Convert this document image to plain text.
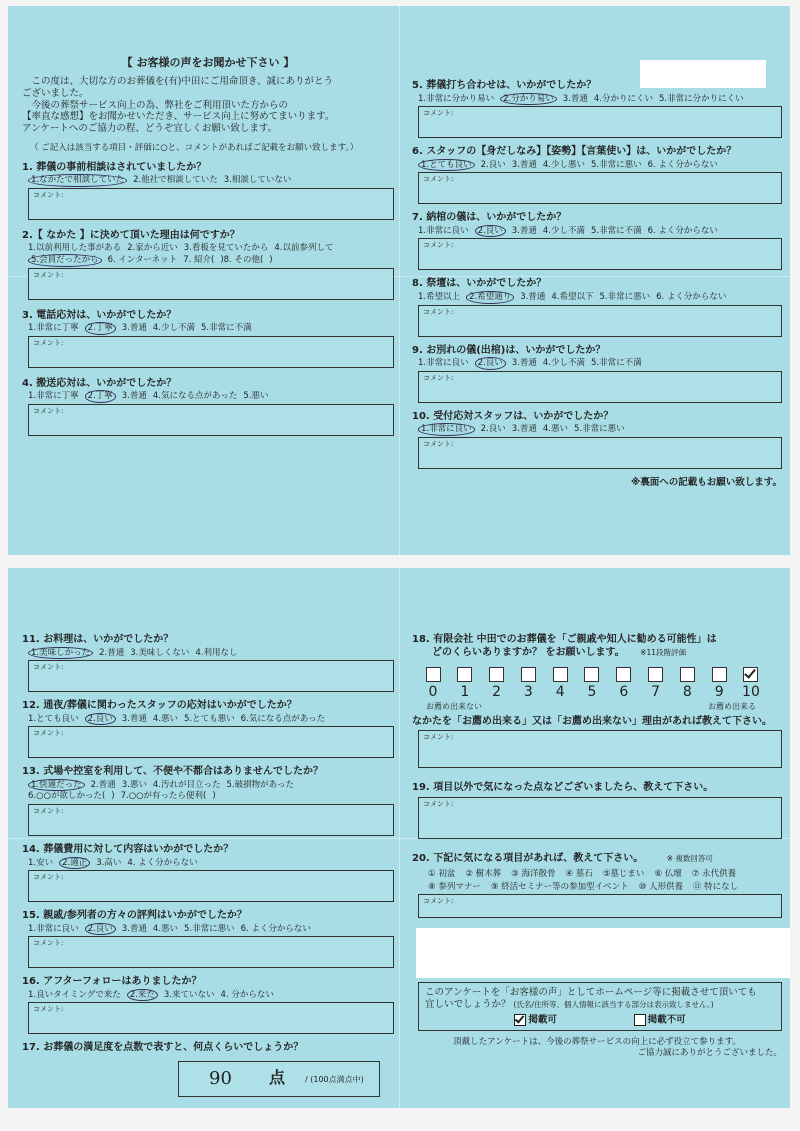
【 お客様の声をお聞かせ下さい 】

この度は、大切な方のお葬儀を(有)中田にご用命頂き、誠にありがとう

ございました。

今後の葬祭サービス向上の為、弊社をご利用頂いた方からの

【率直な感想】をお聞かせいただき、サービス向上に努めてまいります。

アンケートへのご協力の程、どうぞ宜しくお願い致します。

（ ご記入は該当する項目・評価に○と、コメントがあればご記載をお願い致します。）
1. 葬儀の事前相談はされていましたか？
1.なかたで相談していた 2.他社で相談していた 3.相談していない
コメント:
2.【 なかた 】に決めて頂いた理由は何ですか？
1.以前利用した事がある 2.家から近い 3.看板を見ていたから 4.以前参列して
5.会員だったから 6. インターネット 7. 紹介( )8. その他( )
コメント:
3. 電話応対は、いかがでしたか？
1.非常に丁寧 2.丁寧 3.普通 4.少し不満 5.非常に不満
コメント:
4. 搬送応対は、いかがでしたか？
1.非常に丁寧 2.丁寧 3.普通 4.気になる点があった 5.悪い
コメント:
5. 葬儀打ち合わせは、いかがでしたか？
1.非常に分かり易い 2.分かり易い 3.普通 4.分かりにくい 5.非常に分かりにくい
コメント:
6. スタッフの【身だしなみ】【姿勢】【言葉使い】は、いかがでしたか？
1.とても良い 2.良い 3.普通 4.少し悪い 5.非常に悪い 6. よく分からない
コメント:
7. 納棺の儀は、いかがでしたか？
1.非常に良い 2.良い 3.普通 4.少し不満 5.非常に不満 6. よく分からない
コメント:
8. 祭壇は、いかがでしたか？
1.希望以上 2.希望通り 3.普通 4.希望以下 5.非常に悪い 6. よく分からない
コメント:
9. お別れの儀(出棺)は、いかがでしたか？
1.非常に良い 2.良い 3.普通 4.少し不満 5.非常に不満
コメント:
10. 受付応対スタッフは、いかがでしたか？
1.非常に良い 2.良い 3.普通 4.悪い 5.非常に悪い
コメント:
※裏面への記載もお願い致します。
11. お料理は、いかがでしたか？
1.美味しかった 2.普通 3.美味しくない 4.利用なし
コメント:
12. 通夜/葬儀に関わったスタッフの応対はいかがでしたか？
1.とても良い 2.良い 3.普通 4.悪い 5.とても悪い 6.気になる点があった
コメント:
13. 式場や控室を利用して、不便や不都合はありませんでしたか？
1.快適だった 2.普通 3.悪い 4.汚れが目立った 5.破損物があった
6.○○が欲しかった( ) 7.○○が有ったら便利( )
コメント:
14. 葬儀費用に対して内容はいかがでしたか？
1.安い 2.適正 3.高い 4. よく分からない
コメント:
15. 親戚/参列者の方々の評判はいかがでしたか？
1.非常に良い 2.良い 3.普通 4.悪い 5.非常に悪い 6. よく分からない
コメント:
16. アフターフォローはありましたか？
1.良いタイミングで来た 2.来た 3.来ていない 4. 分からない
コメント:
17. お葬儀の満足度を点数で表すと、何点くらいでしょうか？
90 点 / (100点満点中)
18. 有限会社 中田でのお葬儀を「ご親戚や知人に勧める可能性」は
どのくらいありますか？ をお願いします。 ※11段階評価
0	1	2	3	4	5	6	7	8	9	10
お薦め出来ない	お薦め出来る
なかたを「お薦め出来る」又は「お薦め出来ない」理由があれば教えて下さい。
コメント:
19. 項目以外で気になった点などございましたら、教えて下さい。
コメント:
20. 下記に気になる項目があれば、教えて下さい。	※ 複数回答可
① 初盆 ② 樹木葬 ③ 海洋散骨 ④ 墓石 ⑤墓じまい ⑥ 仏壇 ⑦ 永代供養
⑧ 参列マナー ⑨ 終活セミナー等の参加型イベント ⑩ 人形供養 ⑪ 特になし
コメント:
このアンケートを「お客様の声」としてホームページ等に掲載させて頂いても
宜しいでしょうか？ (氏名/住所等、個人情報に該当する部分は表示致しません。)
掲載可	掲載不可
頂戴したアンケートは、今後の葬祭サービスの向上に必ず役立て参ります。
ご協力誠にありがとうございました。
